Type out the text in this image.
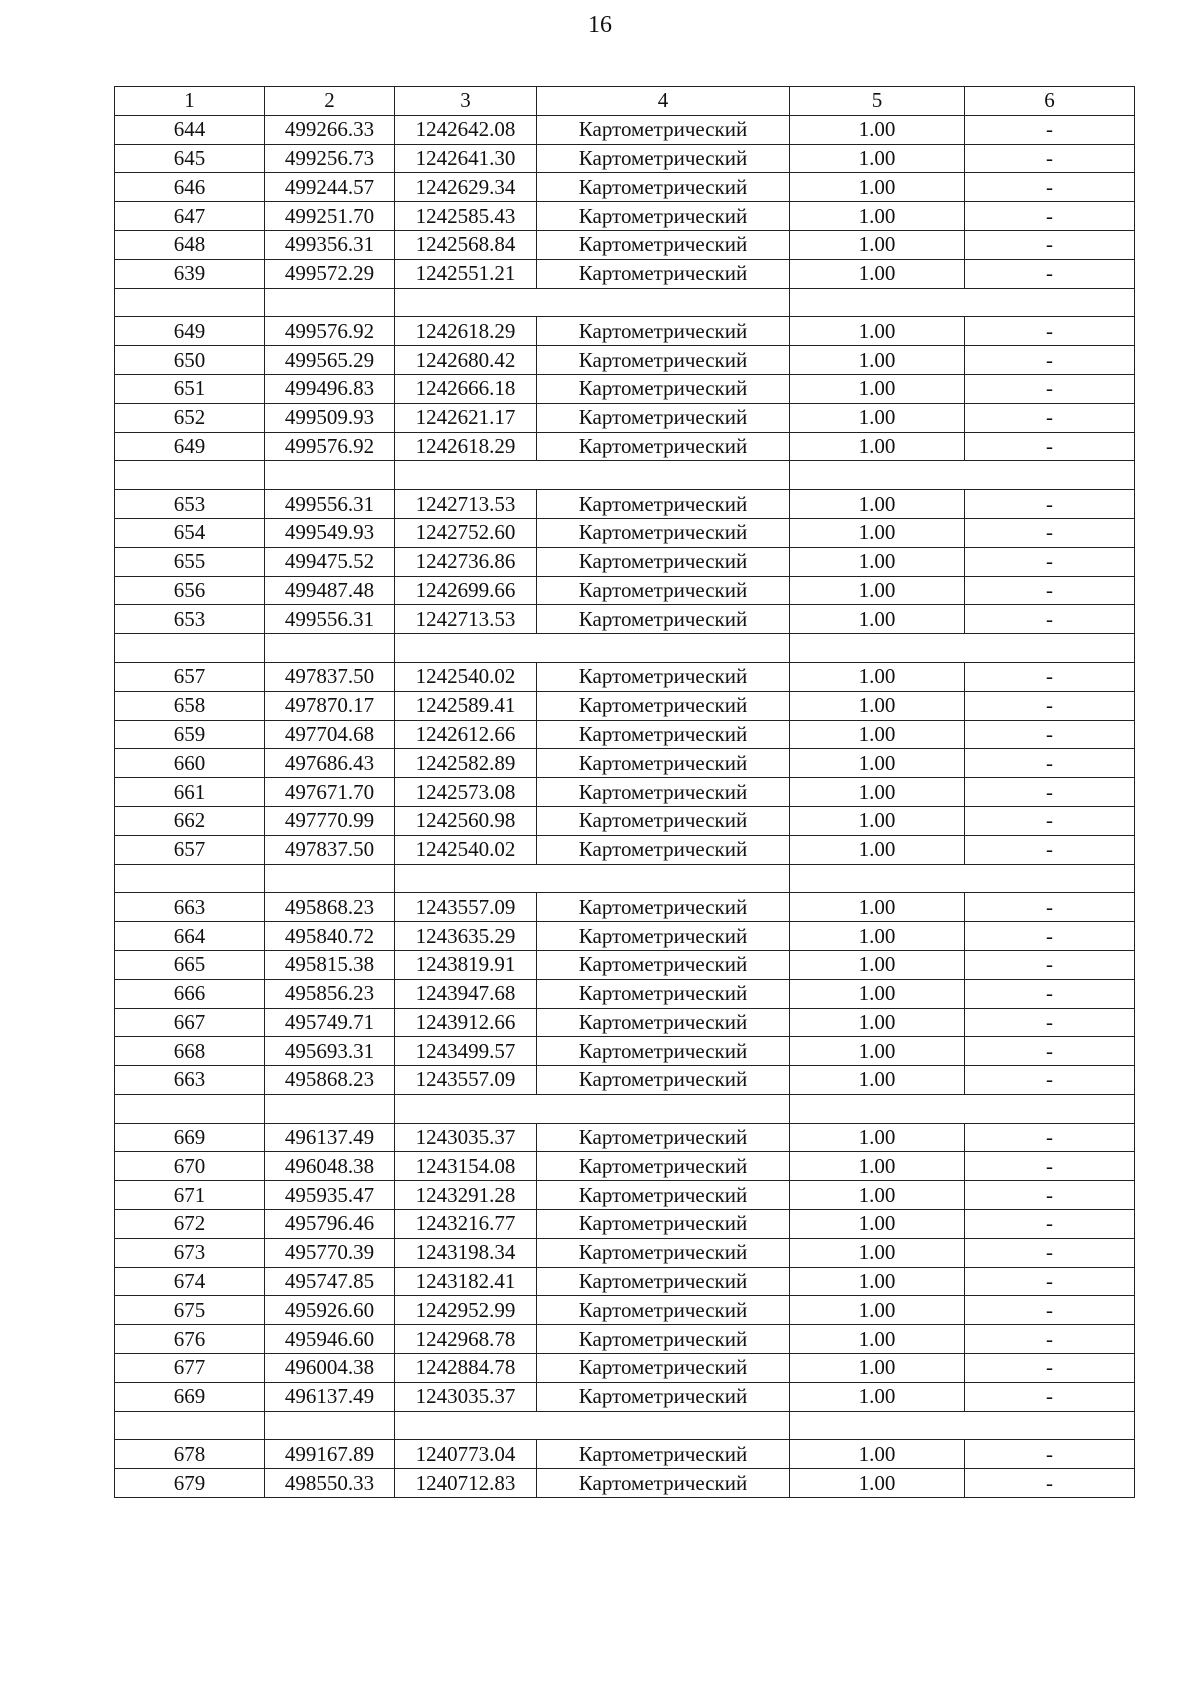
16
1	2	3	4	5	6
644	499266.33	1242642.08	Картометрический	1.00	-
645	499256.73	1242641.30	Картометрический	1.00	-
646	499244.57	1242629.34	Картометрический	1.00	-
647	499251.70	1242585.43	Картометрический	1.00	-
648	499356.31	1242568.84	Картометрический	1.00	-
639	499572.29	1242551.21	Картометрический	1.00	-

649	499576.92	1242618.29	Картометрический	1.00	-
650	499565.29	1242680.42	Картометрический	1.00	-
651	499496.83	1242666.18	Картометрический	1.00	-
652	499509.93	1242621.17	Картометрический	1.00	-
649	499576.92	1242618.29	Картометрический	1.00	-

653	499556.31	1242713.53	Картометрический	1.00	-
654	499549.93	1242752.60	Картометрический	1.00	-
655	499475.52	1242736.86	Картометрический	1.00	-
656	499487.48	1242699.66	Картометрический	1.00	-
653	499556.31	1242713.53	Картометрический	1.00	-

657	497837.50	1242540.02	Картометрический	1.00	-
658	497870.17	1242589.41	Картометрический	1.00	-
659	497704.68	1242612.66	Картометрический	1.00	-
660	497686.43	1242582.89	Картометрический	1.00	-
661	497671.70	1242573.08	Картометрический	1.00	-
662	497770.99	1242560.98	Картометрический	1.00	-
657	497837.50	1242540.02	Картометрический	1.00	-

663	495868.23	1243557.09	Картометрический	1.00	-
664	495840.72	1243635.29	Картометрический	1.00	-
665	495815.38	1243819.91	Картометрический	1.00	-
666	495856.23	1243947.68	Картометрический	1.00	-
667	495749.71	1243912.66	Картометрический	1.00	-
668	495693.31	1243499.57	Картометрический	1.00	-
663	495868.23	1243557.09	Картометрический	1.00	-

669	496137.49	1243035.37	Картометрический	1.00	-
670	496048.38	1243154.08	Картометрический	1.00	-
671	495935.47	1243291.28	Картометрический	1.00	-
672	495796.46	1243216.77	Картометрический	1.00	-
673	495770.39	1243198.34	Картометрический	1.00	-
674	495747.85	1243182.41	Картометрический	1.00	-
675	495926.60	1242952.99	Картометрический	1.00	-
676	495946.60	1242968.78	Картометрический	1.00	-
677	496004.38	1242884.78	Картометрический	1.00	-
669	496137.49	1243035.37	Картометрический	1.00	-

678	499167.89	1240773.04	Картометрический	1.00	-
679	498550.33	1240712.83	Картометрический	1.00	-
